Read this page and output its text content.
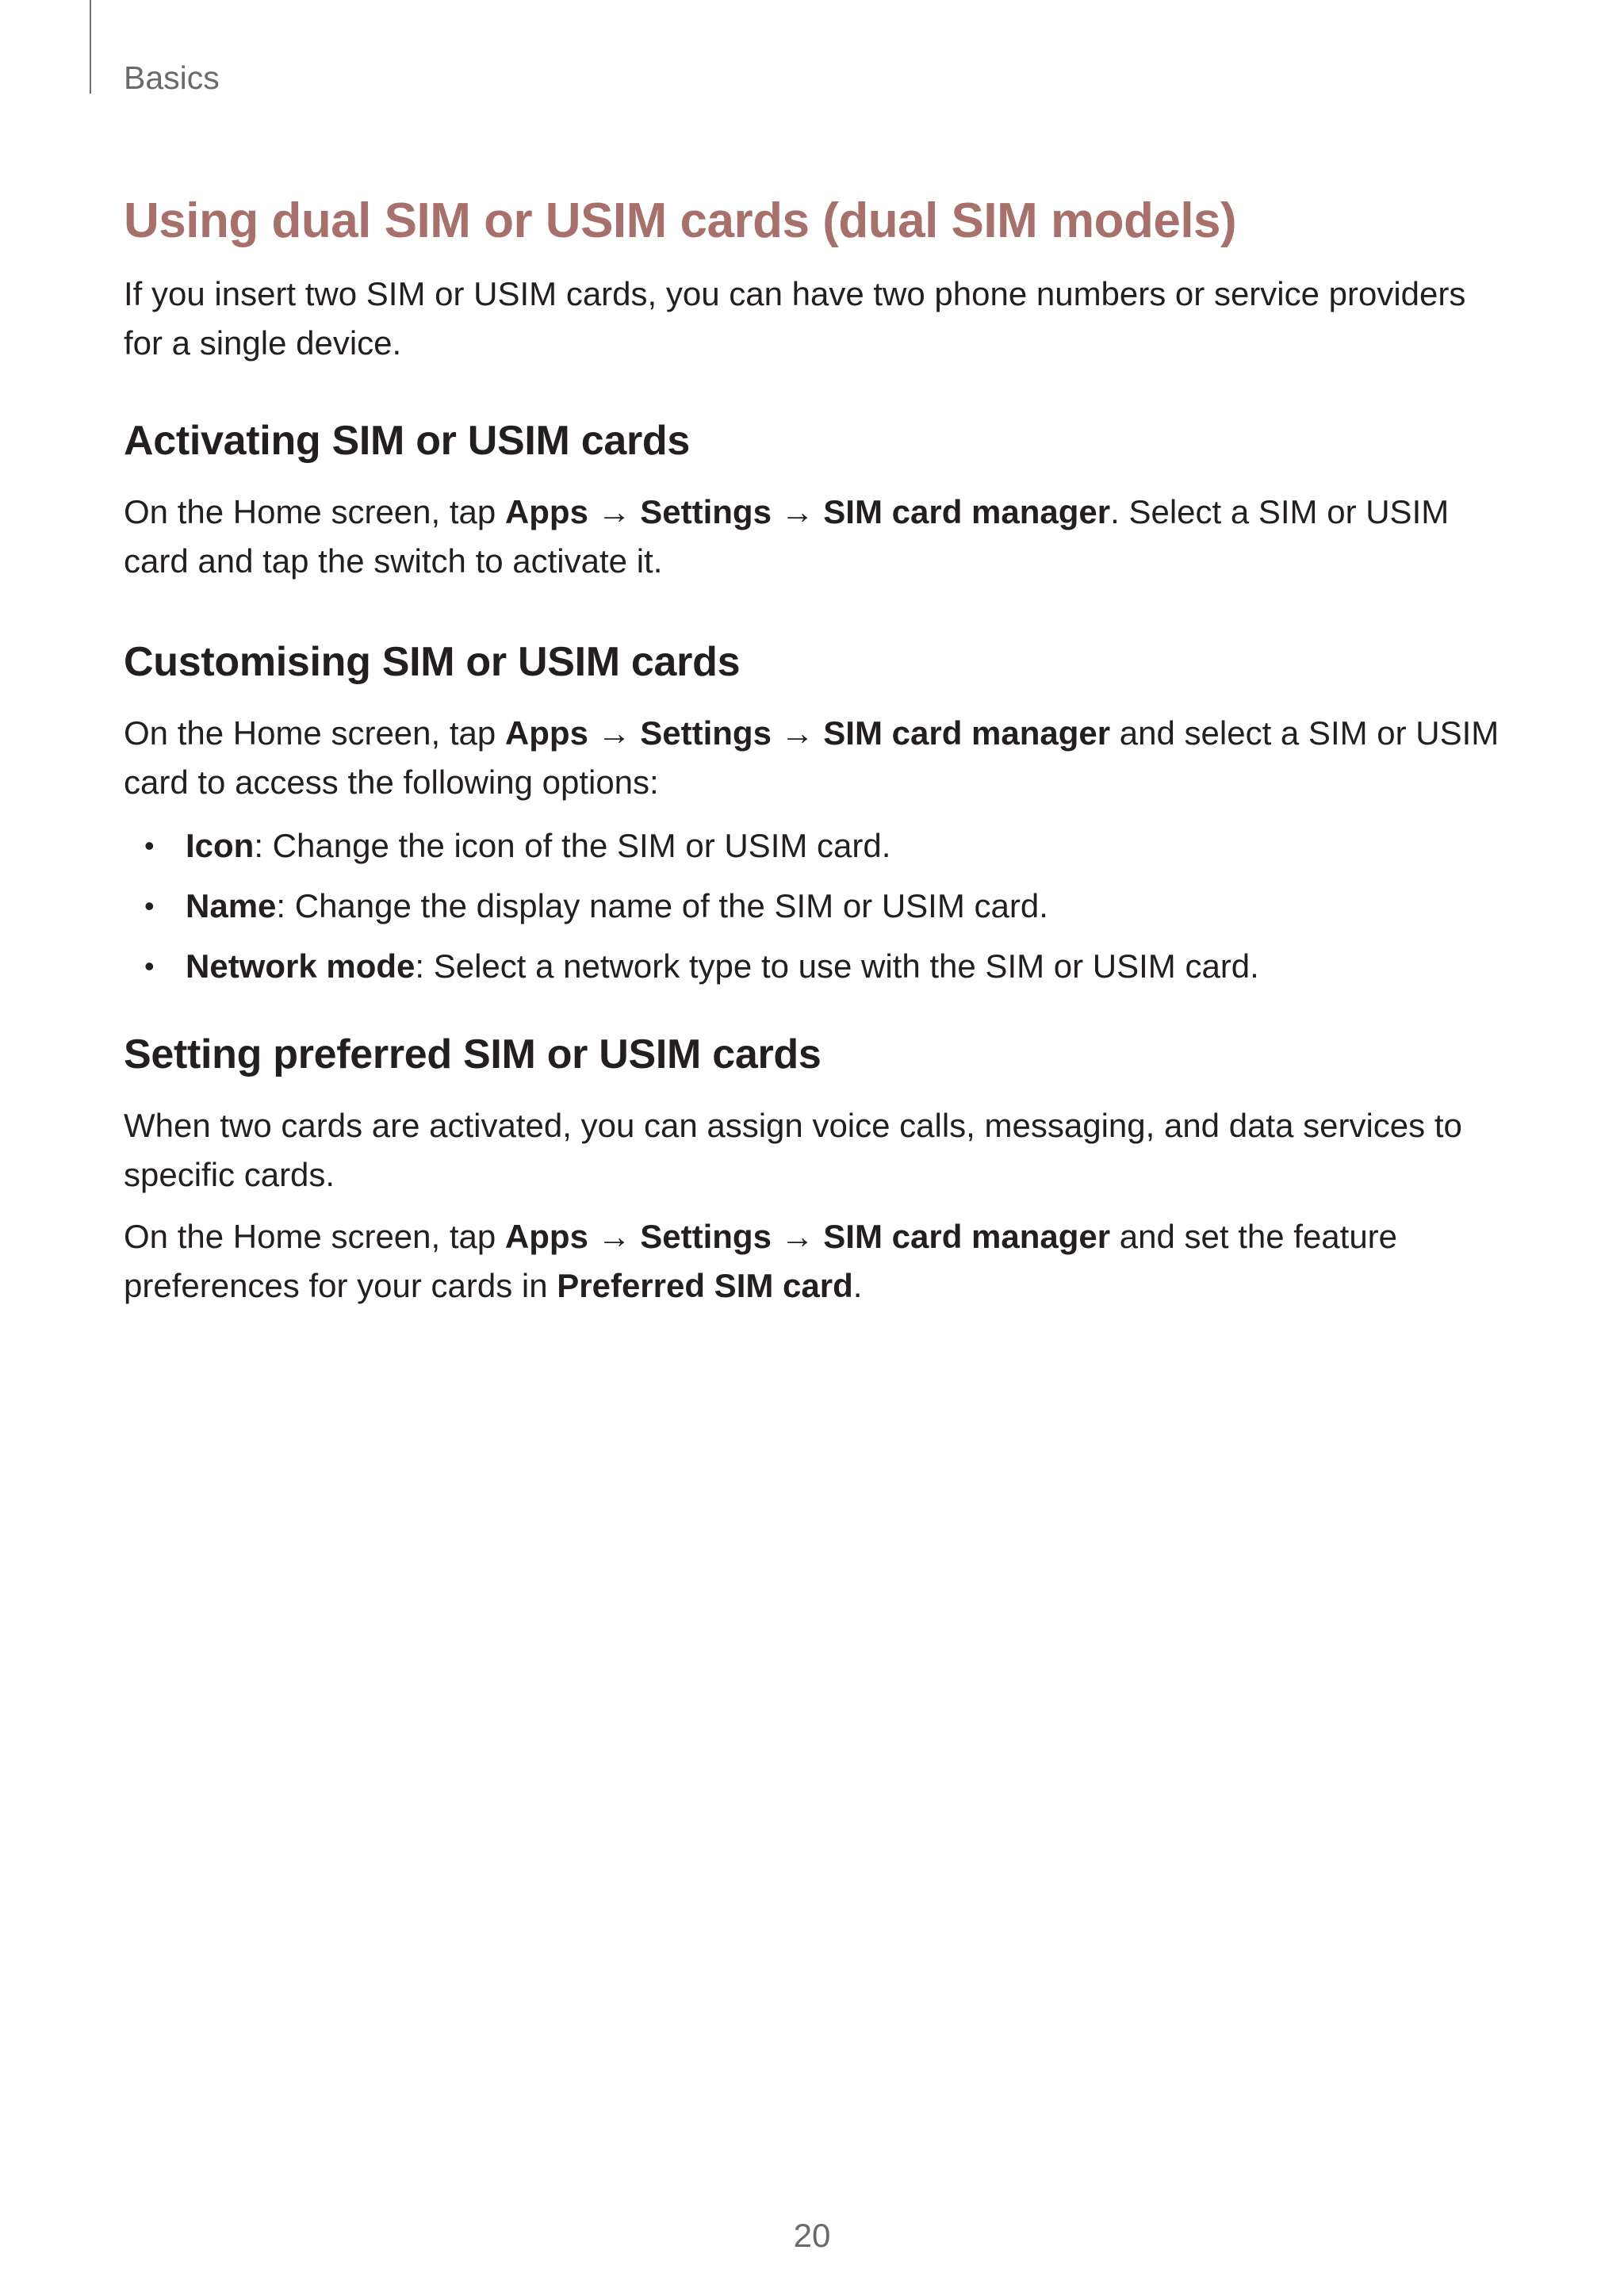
Basics
Using dual SIM or USIM cards (dual SIM models)

If you insert two SIM or USIM cards, you can have two phone numbers or service providers for a single device.

Activating SIM or USIM cards

On the Home screen, tap Apps → Settings → SIM card manager. Select a SIM or USIM card and tap the switch to activate it.

Customising SIM or USIM cards

On the Home screen, tap Apps → Settings → SIM card manager and select a SIM or USIM card to access the following options:

• Icon: Change the icon of the SIM or USIM card.
• Name: Change the display name of the SIM or USIM card.
• Network mode: Select a network type to use with the SIM or USIM card.
Setting preferred SIM or USIM cards

When two cards are activated, you can assign voice calls, messaging, and data services to specific cards.

On the Home screen, tap Apps → Settings → SIM card manager and set the feature preferences for your cards in Preferred SIM card.

20
